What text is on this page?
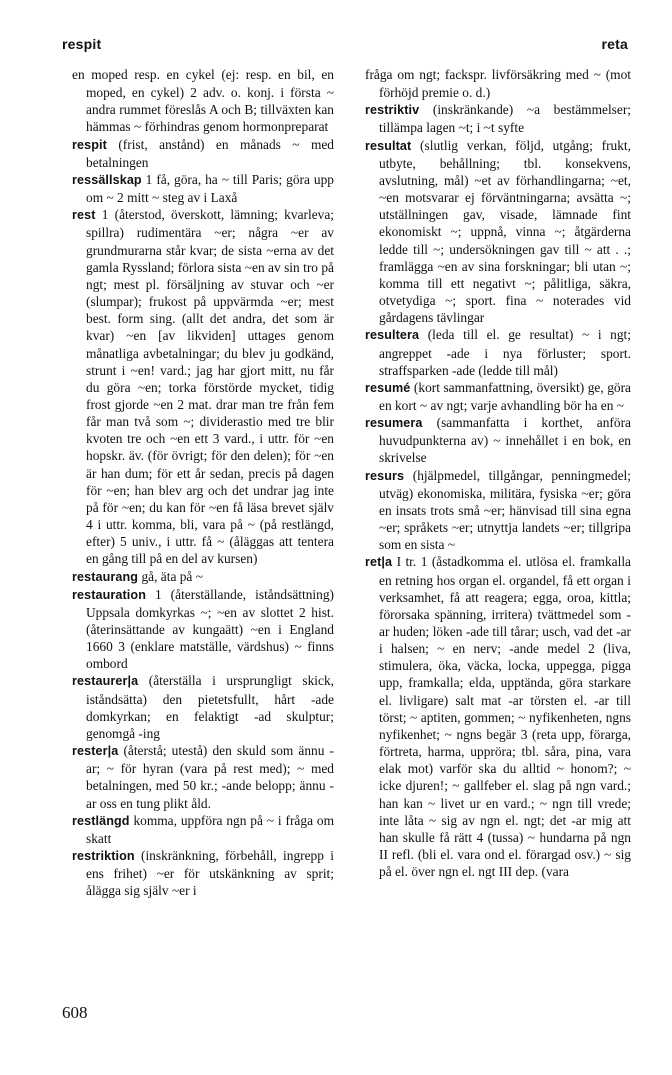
respit	reta

en moped resp. en cykel (ej: resp. en bil, en moped, en cykel) 2 adv. o. konj. i första ~ andra rummet föreslås A och B; tillväxten kan hämmas ~ förhindras genom hormonpreparat

respit (frist, anstånd) en månads ~ med betalningen

ressällskap 1 få, göra, ha ~ till Paris; göra upp om ~ 2 mitt ~ steg av i Laxå

rest 1 (återstod, överskott, lämning; kvarleva; spillra) rudimentära ~er; några ~er av grundmurarna står kvar; de sista ~erna av det gamla Ryssland; förlora sista ~en av sin tro på ngt; mest pl. försäljning av stuvar och ~er (slumpar); frukost på uppvärmda ~er; mest best. form sing. (allt det andra, det som är kvar) ~en [av likviden] uttages genom månatliga avbetalningar; du blev ju godkänd, strunt i ~en! vard.; jag har gjort mitt, nu får du göra ~en; torka förstörde mycket, tidig frost gjorde ~en 2 mat. drar man tre från fem får man två som ~; dividerastio med tre blir kvoten tre och ~en ett 3 vard., i uttr. för ~en hopskr. äv. (för övrigt; för den delen); för ~en är han dum; för ett år sedan, precis på dagen för ~en; han blev arg och det undrar jag inte på för ~en; du kan för ~en få läsa brevet själv 4 i uttr. komma, bli, vara på ~ (på restlängd, efter) 5 univ., i uttr. få ~ (åläggas att tentera en gång till på en del av kursen)

restaurang gå, äta på ~

restauration 1 (återställande, iståndsättning) Uppsala domkyrkas ~; ~en av slottet 2 hist. (återinsättande av kungaätt) ~en i England 1660 3 (enklare matställe, värdshus) ~ finns ombord

restaurer|a (återställa i ursprungligt skick, iståndsätta) den pietetsfullt, hårt -ade domkyrkan; en felaktigt -ad skulptur; genomgå -ing

rester|a (återstå; utestå) den skuld som ännu -ar; ~ för hyran (vara på rest med); ~ med betalningen, med 50 kr.; -ande belopp; ännu -ar oss en tung plikt åld.

restlängd komma, uppföra ngn på ~ i fråga om skatt

restriktion (inskränkning, förbehåll, ingrepp i ens frihet) ~er för utskänkning av sprit; ålägga sig själv ~er i

fråga om ngt; fackspr. livförsäkring med ~ (mot förhöjd premie o. d.)

restriktiv (inskränkande) ~a bestämmelser; tillämpa lagen ~t; i ~t syfte

resultat (slutlig verkan, följd, utgång; frukt, utbyte, behållning; tbl. konsekvens, avslutning, mål) ~et av förhandlingarna; ~et, ~en motsvarar ej förväntningarna; avsätta ~; utställningen gav, visade, lämnade fint ekonomiskt ~; uppnå, vinna ~; åtgärderna ledde till ~; undersökningen gav till ~ att . .; framlägga ~en av sina forskningar; bli utan ~; komma till ett negativt ~; pålitliga, säkra, otvetydiga ~; sport. fina ~ noterades vid gårdagens tävlingar

resultera (leda till el. ge resultat) ~ i ngt; angreppet -ade i nya förluster; sport. straffsparken -ade (ledde till mål)

resumé (kort sammanfattning, översikt) ge, göra en kort ~ av ngt; varje avhandling bör ha en ~

resumera (sammanfatta i korthet, anföra huvudpunkterna av) ~ innehållet i en bok, en skrivelse

resurs (hjälpmedel, tillgångar, penningmedel; utväg) ekonomiska, militära, fysiska ~er; göra en insats trots små ~er; hänvisad till sina egna ~er; språkets ~er; utnyttja landets ~er; tillgripa som en sista ~

ret|a I tr. 1 (åstadkomma el. utlösa el. framkalla en retning hos organ el. organdel, få ett organ i verksamhet, få att reagera; egga, oroa, kittla; förorsaka spänning, irritera) tvättmedel som -ar huden; löken -ade till tårar; usch, vad det -ar i halsen; ~ en nerv; -ande medel 2 (liva, stimulera, öka, väcka, locka, uppegga, pigga upp, framkalla; elda, upptända, göra starkare el. livligare) salt mat -ar törsten el. -ar till törst; ~ aptiten, gommen; ~ nyfikenheten, ngns nyfikenhet; ~ ngns begär 3 (reta upp, förarga, förtreta, harma, uppröra; tbl. såra, pina, vara elak mot) varför ska du alltid ~ honom?; ~ icke djuren!; ~ gallfeber el. slag på ngn vard.; han kan ~ livet ur en vard.; ~ ngn till vrede; inte låta ~ sig av ngn el. ngt; det -ar mig att han skulle få rätt 4 (tussa) ~ hundarna på ngn II refl. (bli el. vara ond el. förargad osv.) ~ sig på el. över ngn el. ngt III dep. (vara

608
